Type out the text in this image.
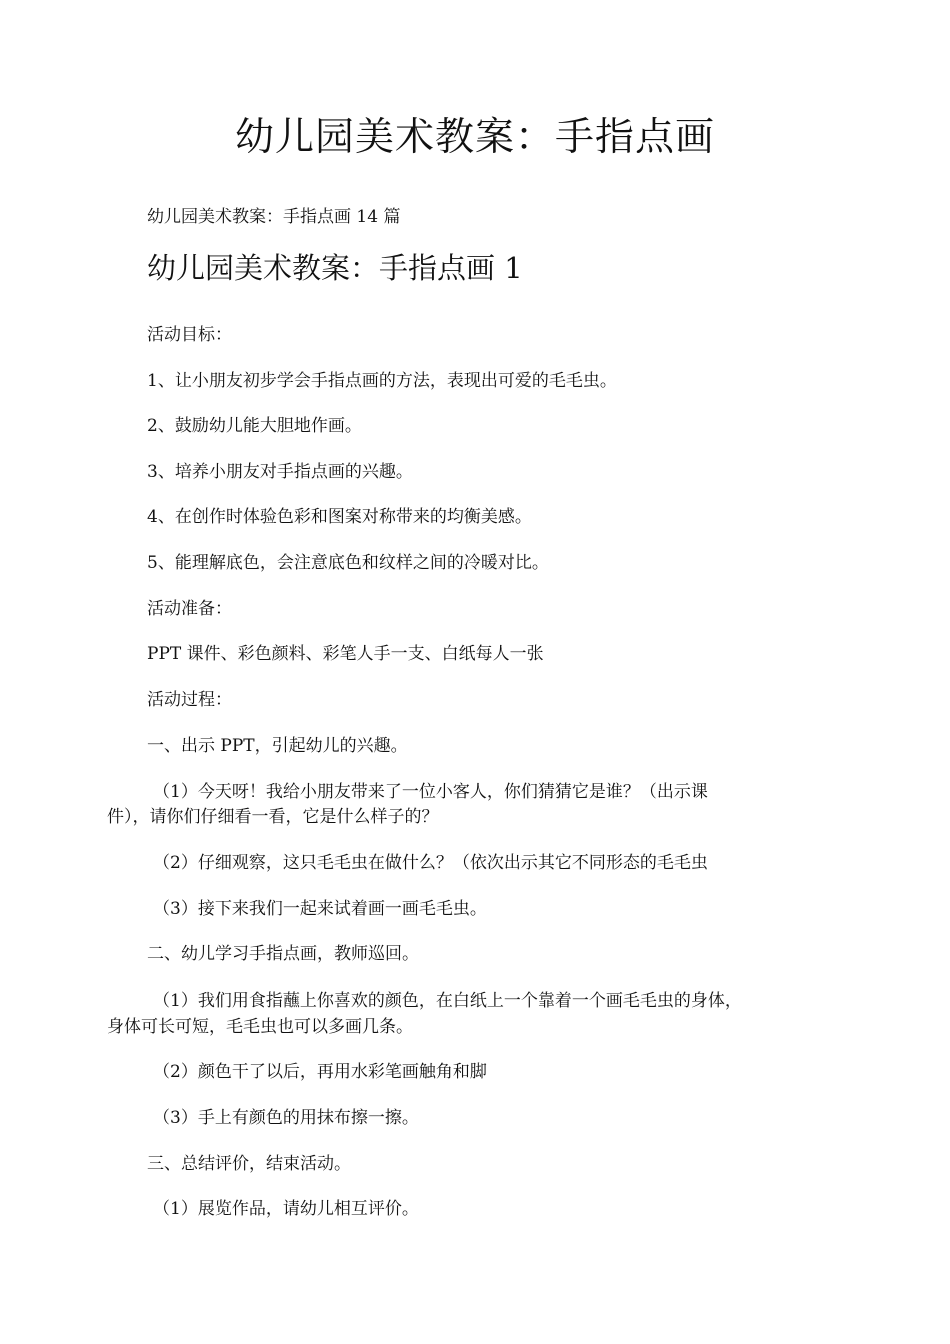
幼儿园美术教案：手指点画

幼儿园美术教案：手指点画 14 篇

幼儿园美术教案：手指点画 1

活动目标：

1、让小朋友初步学会手指点画的方法，表现出可爱的毛毛虫。

2、鼓励幼儿能大胆地作画。

3、培养小朋友对手指点画的兴趣。

4、在创作时体验色彩和图案对称带来的均衡美感。

5、能理解底色，会注意底色和纹样之间的冷暖对比。

活动准备：

PPT 课件、彩色颜料、彩笔人手一支、白纸每人一张

活动过程：

一、出示 PPT，引起幼儿的兴趣。

（1）今天呀！我给小朋友带来了一位小客人，你们猜猜它是谁？（出示课

件），请你们仔细看一看，它是什么样子的？

（2）仔细观察，这只毛毛虫在做什么？（依次出示其它不同形态的毛毛虫

（3）接下来我们一起来试着画一画毛毛虫。

二、幼儿学习手指点画，教师巡回。

（1）我们用食指蘸上你喜欢的颜色，在白纸上一个靠着一个画毛毛虫的身体，

身体可长可短，毛毛虫也可以多画几条。

（2）颜色干了以后，再用水彩笔画触角和脚

（3）手上有颜色的用抹布擦一擦。

三、总结评价，结束活动。

（1）展览作品，请幼儿相互评价。
